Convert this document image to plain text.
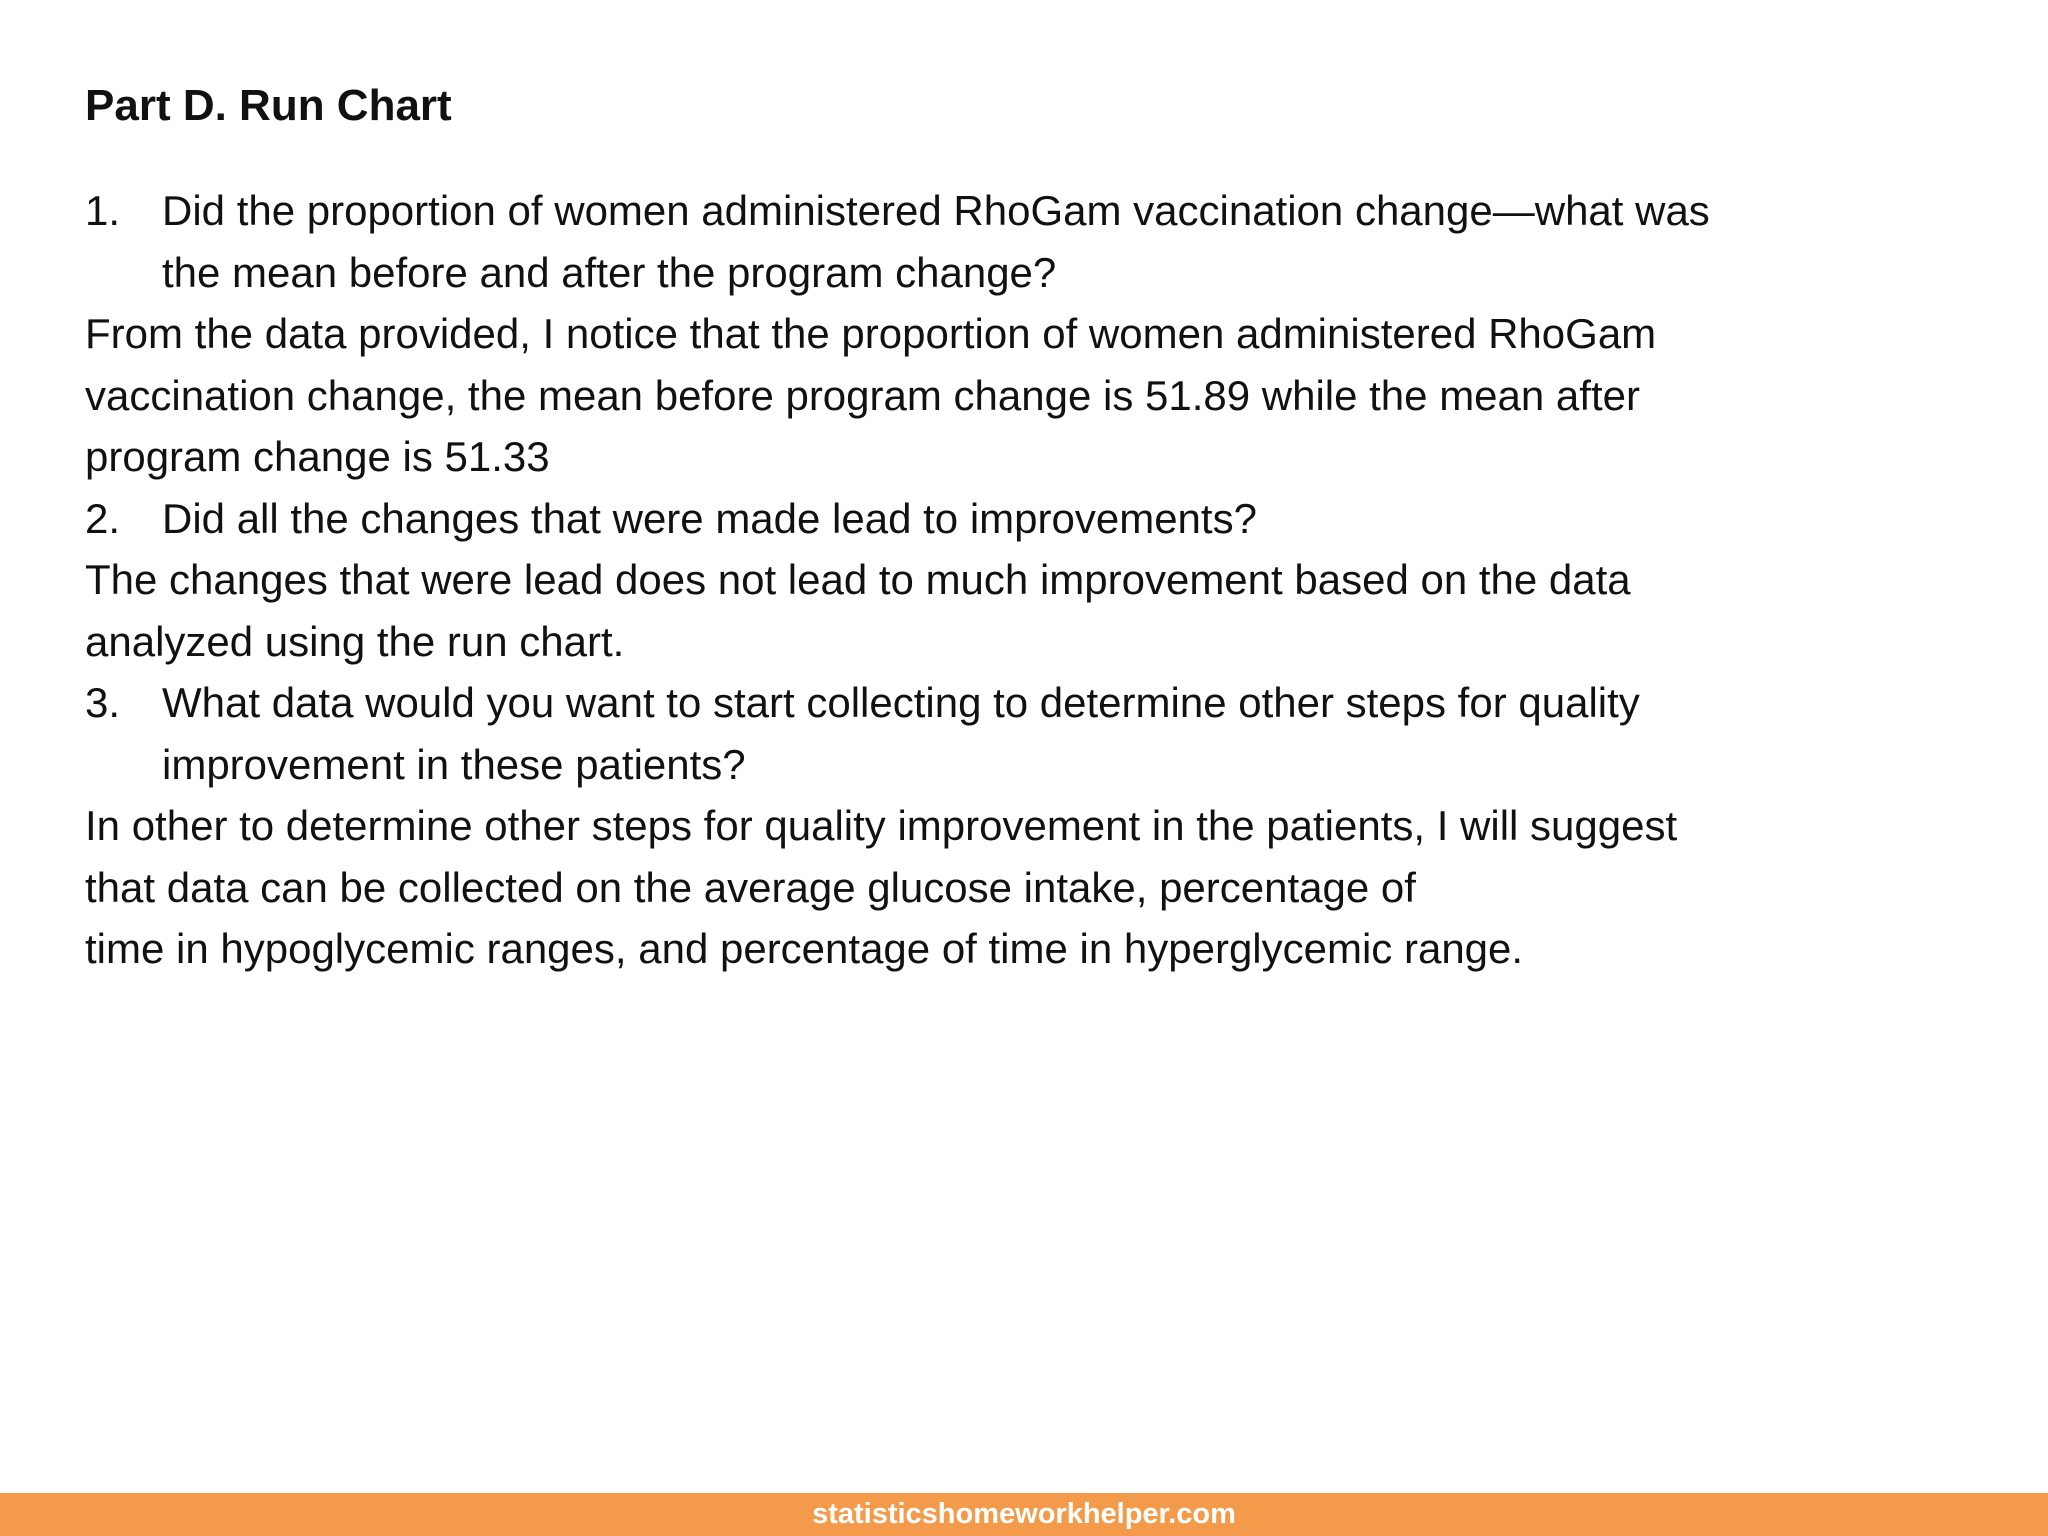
Part D. Run Chart
1. Did the proportion of women administered RhoGam vaccination change—what was
the mean before and after the program change?
From the data provided, I notice that the proportion of women administered RhoGam
vaccination change, the mean before program change is 51.89 while the mean after
program change is 51.33
2. Did all the changes that were made lead to improvements?
The changes that were lead does not lead to much improvement based on the data
analyzed using the run chart.
3. What data would you want to start collecting to determine other steps for quality
improvement in these patients?
In other to determine other steps for quality improvement in the patients, I will suggest
that data can be collected on the average glucose intake, percentage of
time in hypoglycemic ranges, and percentage of time in hyperglycemic range.
statisticshomeworkhelper.com
